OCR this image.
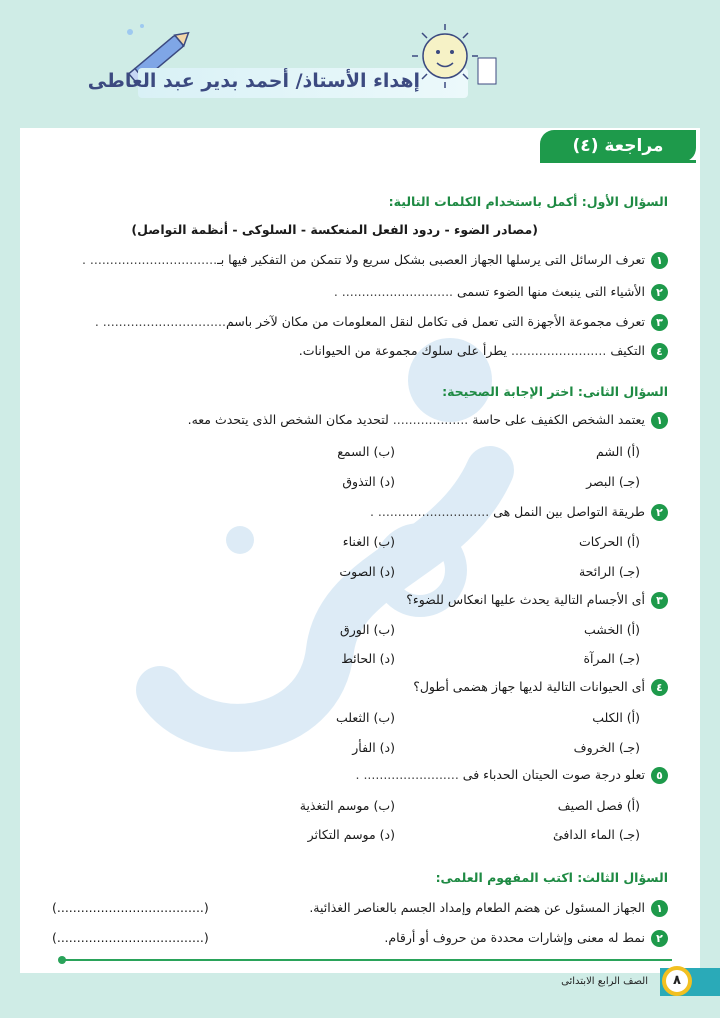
إهداء الأستاذ/ أحمد بدير عبد العاطى
مراجعة (٤)
السؤال الأول: أكمل باستخدام الكلمات التالية:
(مصادر الضوء - ردود الفعل المنعكسة - السلوكى - أنظمة التواصل)
١تعرف الرسائل التى يرسلها الجهاز العصبى بشكل سريع ولا تتمكن من التفكير فيها بـ................................ .
٢الأشياء التى ينبعث منها الضوء تسمى ............................ .
٣تعرف مجموعة الأجهزة التى تعمل فى تكامل لنقل المعلومات من مكان لآخر باسم............................... .
٤التكيف ........................ يطرأ على سلوك مجموعة من الحيوانات.
السؤال الثانى: اختر الإجابة الصحيحة:
١يعتمد الشخص الكفيف على حاسة ................... لتحديد مكان الشخص الذى يتحدث معه.
(أ) الشم
(ب) السمع
(جـ) البصر
(د) التذوق
٢طريقة التواصل بين النمل هى ............................ .
(أ) الحركات
(ب) الغناء
(جـ) الرائحة
(د) الصوت
٣أى الأجسام التالية يحدث عليها انعكاس للضوء؟
(أ) الخشب
(ب) الورق
(جـ) المرآة
(د) الحائط
٤أى الحيوانات التالية لديها جهاز هضمى أطول؟
(أ) الكلب
(ب) الثعلب
(جـ) الخروف
(د) الفأر
٥تعلو درجة صوت الحيتان الحدباء فى ........................ .
(أ) فصل الصيف
(ب) موسم التغذية
(جـ) الماء الدافئ
(د) موسم التكاثر
السؤال الثالث: اكتب المفهوم العلمى:
١الجهاز المسئول عن هضم الطعام وإمداد الجسم بالعناصر الغذائية.
(.....................................)
٢نمط له معنى وإشارات محددة من حروف أو أرقام.
(.....................................)
٨
الصف الرابع الابتدائى
